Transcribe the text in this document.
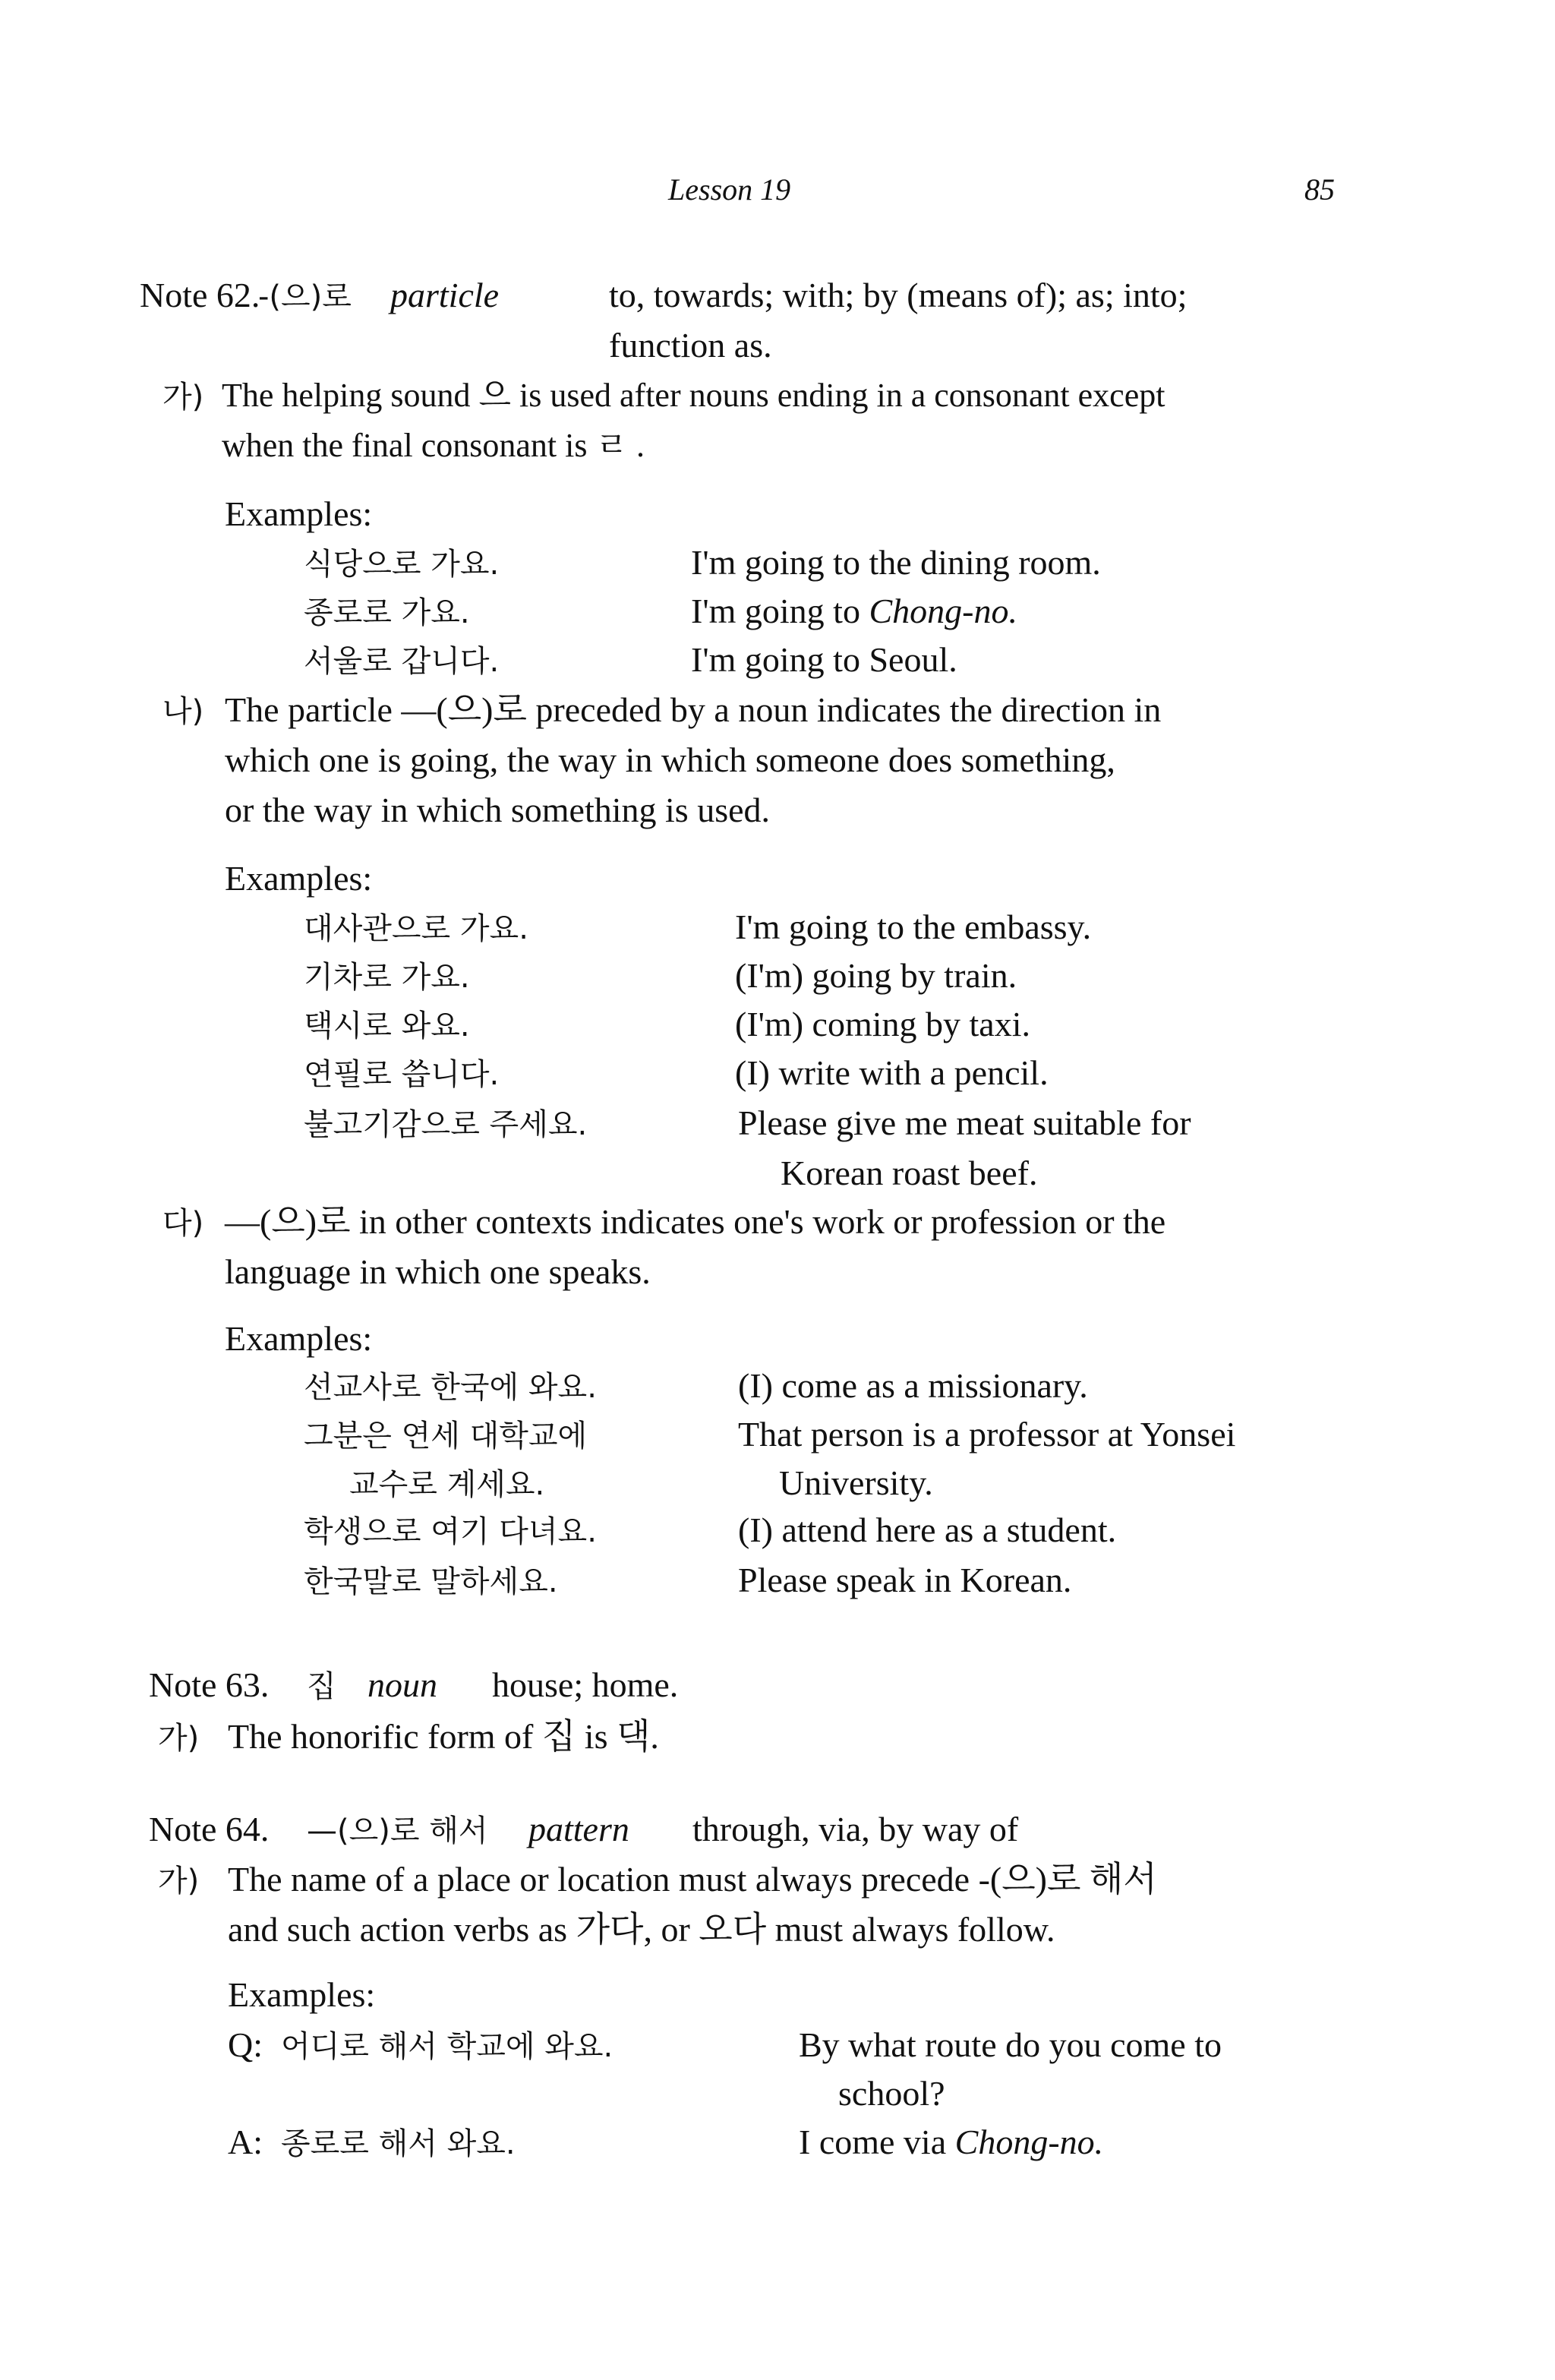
Lesson 19	85
Note 62.
-(으)로 particle	to, towards; with; by (means of); as; into;
function as.
가) The helping sound 으 is used after nouns ending in a consonant except
when the final consonant is ㄹ .
Examples:
식당으로 가요.	I'm going to the dining room.
종로로 가요.	I'm going to Chong-no.
서울로 갑니다.	I'm going to Seoul.
나) The particle —(으)로 preceded by a noun indicates the direction in
which one is going, the way in which someone does something,
or the way in which something is used.
Examples:
대사관으로 가요.	I'm going to the embassy.
기차로 가요.	(I'm) going by train.
택시로 와요.	(I'm) coming by taxi.
연필로 씁니다.	(I) write with a pencil.
불고기감으로 주세요.	Please give me meat suitable for
Korean roast beef.
다) —(으)로 in other contexts indicates one's work or profession or the
language in which one speaks.
Examples:
선교사로 한국에 와요.	(I) come as a missionary.
그분은 연세 대학교에	That person is a professor at Yonsei
교수로 계세요.	University.
학생으로 여기 다녀요.	(I) attend here as a student.
한국말로 말하세요.	Please speak in Korean.
Note 63. 집 noun house; home.
가) The honorific form of 집 is 댁.
Note 64. —(으)로 해서 pattern through, via, by way of
가) The name of a place or location must always precede -(으)로 해서
and such action verbs as 가다, or 오다 must always follow.
Examples:
Q: 어디로 해서 학교에 와요.	By what route do you come to
school?
A: 종로로 해서 와요.	I come via Chong-no.
